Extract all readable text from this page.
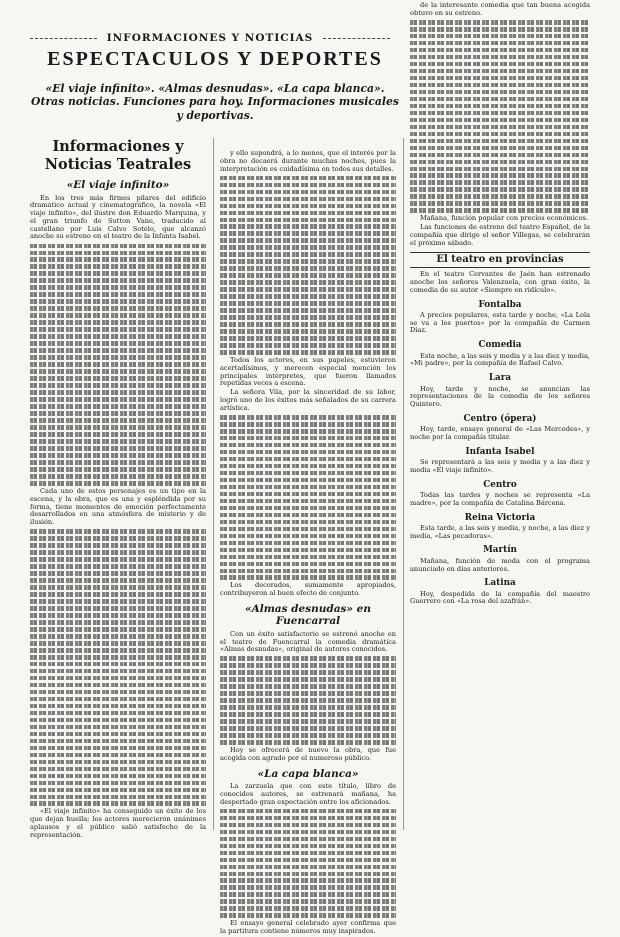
INFORMACIONES Y NOTICIAS
ESPECTACULOS Y DEPORTES
«El viaje infinito». «Almas desnudas». «La capa blanca». Otras noticias. Funciones para hoy. Informaciones musicales y deportivas.
Informaciones y Noticias Teatrales
«El viaje infinito»

En los tres más firmes pilares del edificio dramático actual y cinematográfico, la novela «El viaje infinito», del ilustre don Eduardo Marquina, y el gran triunfo de Sutton Vane, traducido al castellano por Luis Calvo Sotelo, que alcanzó anoche su estreno en el teatro de la Infanta Isabel.

Cada uno de estos personajes es un tipo en la escena, y la obra, que es una y espléndida por su forma, tiene momentos de emoción perfectamente desarrollados en una atmósfera de misterio y de ilusión.

«El viaje infinito» ha conseguido un éxito de los que dejan huella; los actores merecieron unánimes aplausos y el público salió satisfecho de la representación.

y ello supondrá, a lo menos, que el interés por la obra no decaerá durante muchas noches, pues la interpretación es cuidadísima en todos sus detalles.

Todos los actores, en sus papeles, estuvieron acertadísimos, y merecen especial mención los principales intérpretes, que fueron llamados repetidas veces a escena.

La señora Vila, por la sinceridad de su labor, logró uno de los éxitos más señalados de su carrera artística.

Los decorados, sumamente apropiados, contribuyeron al buen efecto de conjunto.

«Almas desnudas» en Fuencarral

Con un éxito satisfactorio se estrenó anoche en el teatro de Fuencarral la comedia dramática «Almas desnudas», original de autores conocidos.

Hoy se ofrecerá de nuevo la obra, que fue acogida con agrado por el numeroso público.

«La capa blanca»

La zarzuela que con este título, libro de conocidos autores, se estrenará mañana, ha despertado gran expectación entre los aficionados.

El ensayo general celebrado ayer confirma que la partitura contiene números muy inspirados.

de la interesante comedia que tan buena acogida obtuvo en su estreno.

Mañana, función popular con precios económicos.

Las funciones de estreno del teatro Español, de la compañía que dirige el señor Villegas, se celebrarán el próximo sábado.

El teatro en provincias

En el teatro Cervantes de Jaén han estrenado anoche los señores Valenzuela, con gran éxito, la comedia de su autor «Siempre en ridículo».

Fontalba

A precios populares, esta tarde y noche, «La Lola se va a los puertos» por la compañía de Carmen Díaz.

Comedia

Esta noche, a las seis y media y a las diez y media, «Mi padre», por la compañía de Rafael Calvo.

Lara

Hoy, tarde y noche, se anuncian las representaciones de la comedia de los señores Quintero.

Centro (ópera)

Hoy, tarde, ensayo general de «Las Mercedes», y noche por la compañía titular.

Infanta Isabel

Se representará a las seis y media y a las diez y media «El viaje infinito».

Centro

Todas las tardes y noches se representa «La madre», por la compañía de Catalina Bárcena.

Reina Victoria

Esta tarde, a las seis y media, y noche, a las diez y media, «Las pecadoras».

Martín

Mañana, función de moda con el programa anunciado en días anteriores.

Latina

Hoy, despedida de la compañía del maestro Guerrero con «La rosa del azafrán».
